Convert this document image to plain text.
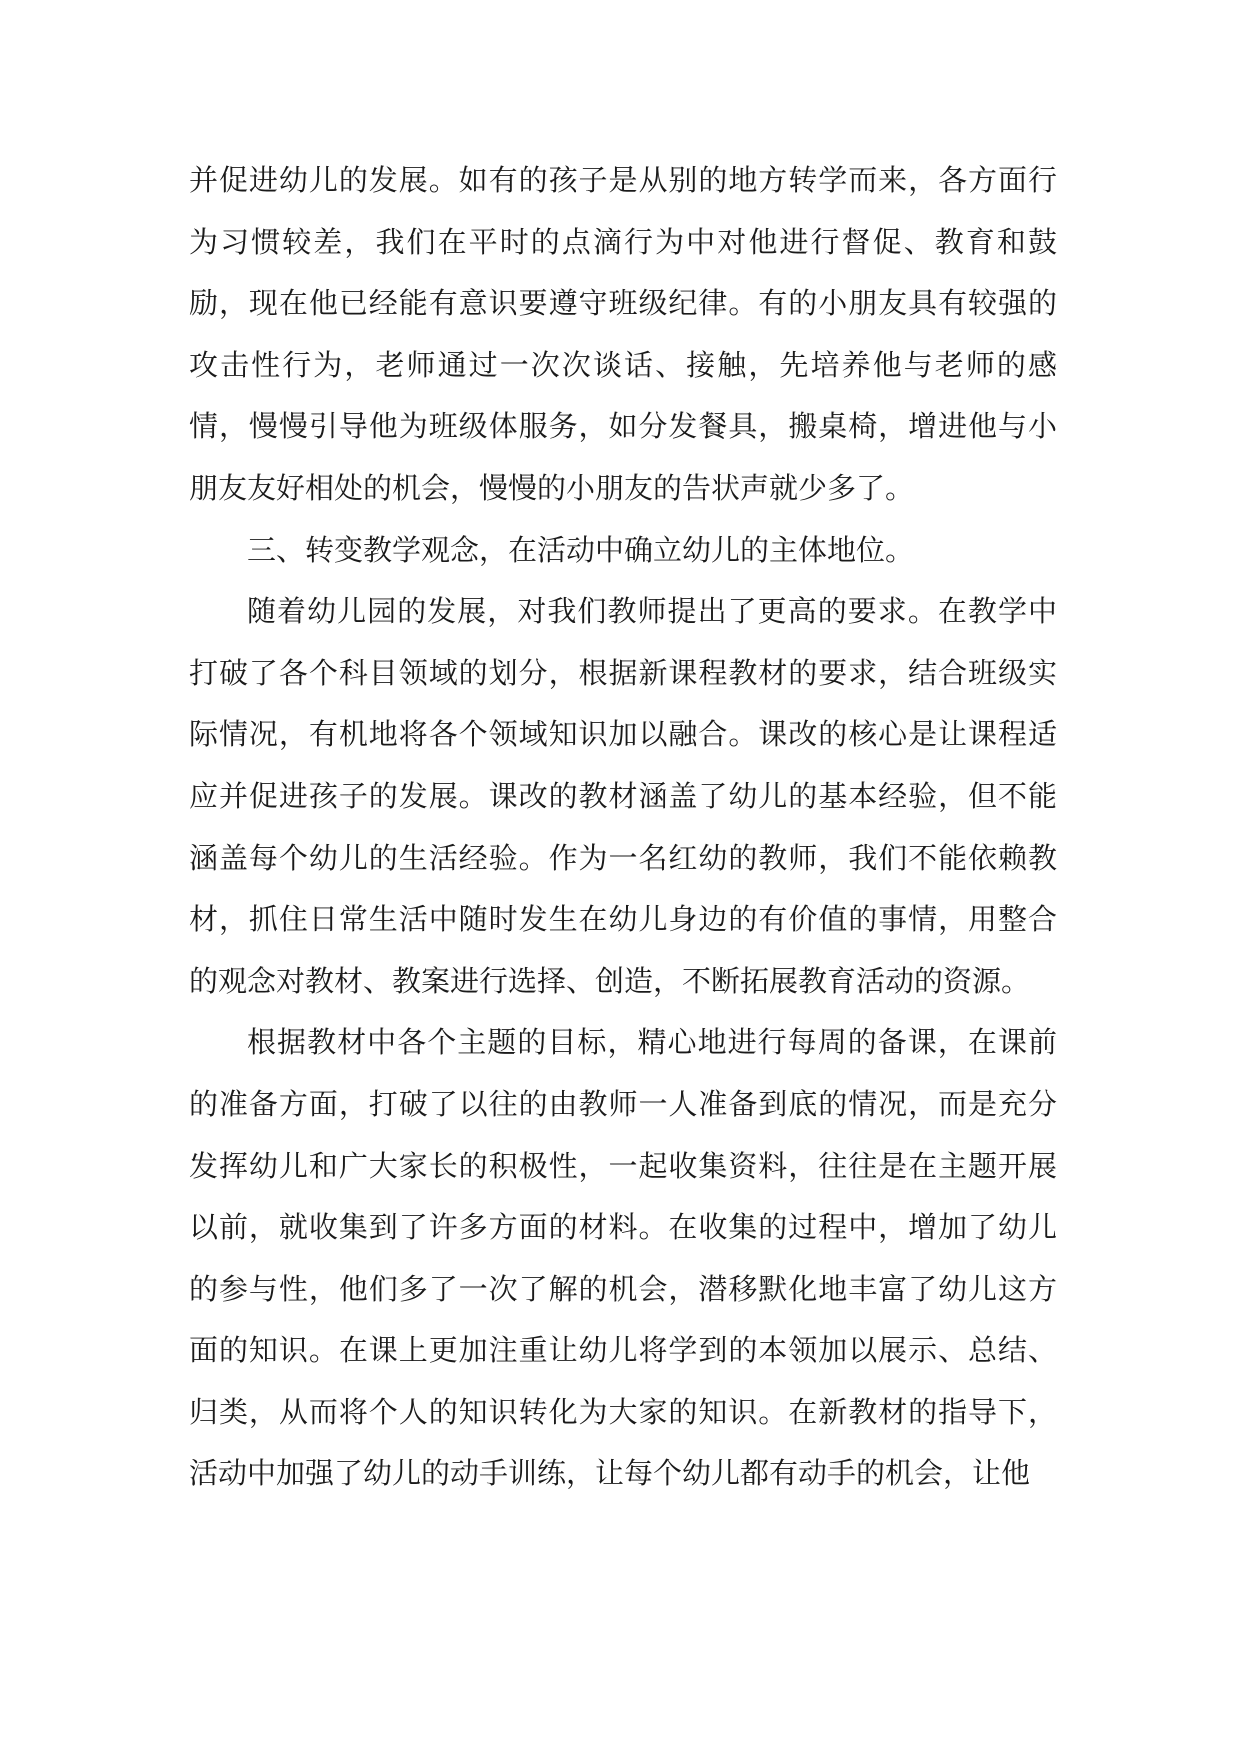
并促进幼儿的发展。如有的孩子是从别的地方转学而来，各方面行为习惯较差，我们在平时的点滴行为中对他进行督促、教育和鼓励，现在他已经能有意识要遵守班级纪律。有的小朋友具有较强的攻击性行为，老师通过一次次谈话、接触，先培养他与老师的感情，慢慢引导他为班级体服务，如分发餐具，搬桌椅，增进他与小朋友友好相处的机会，慢慢的小朋友的告状声就少多了。

三、转变教学观念，在活动中确立幼儿的主体地位。

随着幼儿园的发展，对我们教师提出了更高的要求。在教学中打破了各个科目领域的划分，根据新课程教材的要求，结合班级实际情况，有机地将各个领域知识加以融合。课改的核心是让课程适应并促进孩子的发展。课改的教材涵盖了幼儿的基本经验，但不能涵盖每个幼儿的生活经验。作为一名红幼的教师，我们不能依赖教材，抓住日常生活中随时发生在幼儿身边的有价值的事情，用整合的观念对教材、教案进行选择、创造，不断拓展教育活动的资源。

根据教材中各个主题的目标，精心地进行每周的备课，在课前的准备方面，打破了以往的由教师一人准备到底的情况，而是充分发挥幼儿和广大家长的积极性，一起收集资料，往往是在主题开展以前，就收集到了许多方面的材料。在收集的过程中，增加了幼儿的参与性，他们多了一次了解的机会，潜移默化地丰富了幼儿这方面的知识。在课上更加注重让幼儿将学到的本领加以展示、总结、归类，从而将个人的知识转化为大家的知识。在新教材的指导下，活动中加强了幼儿的动手训练，让每个幼儿都有动手的机会，让他
